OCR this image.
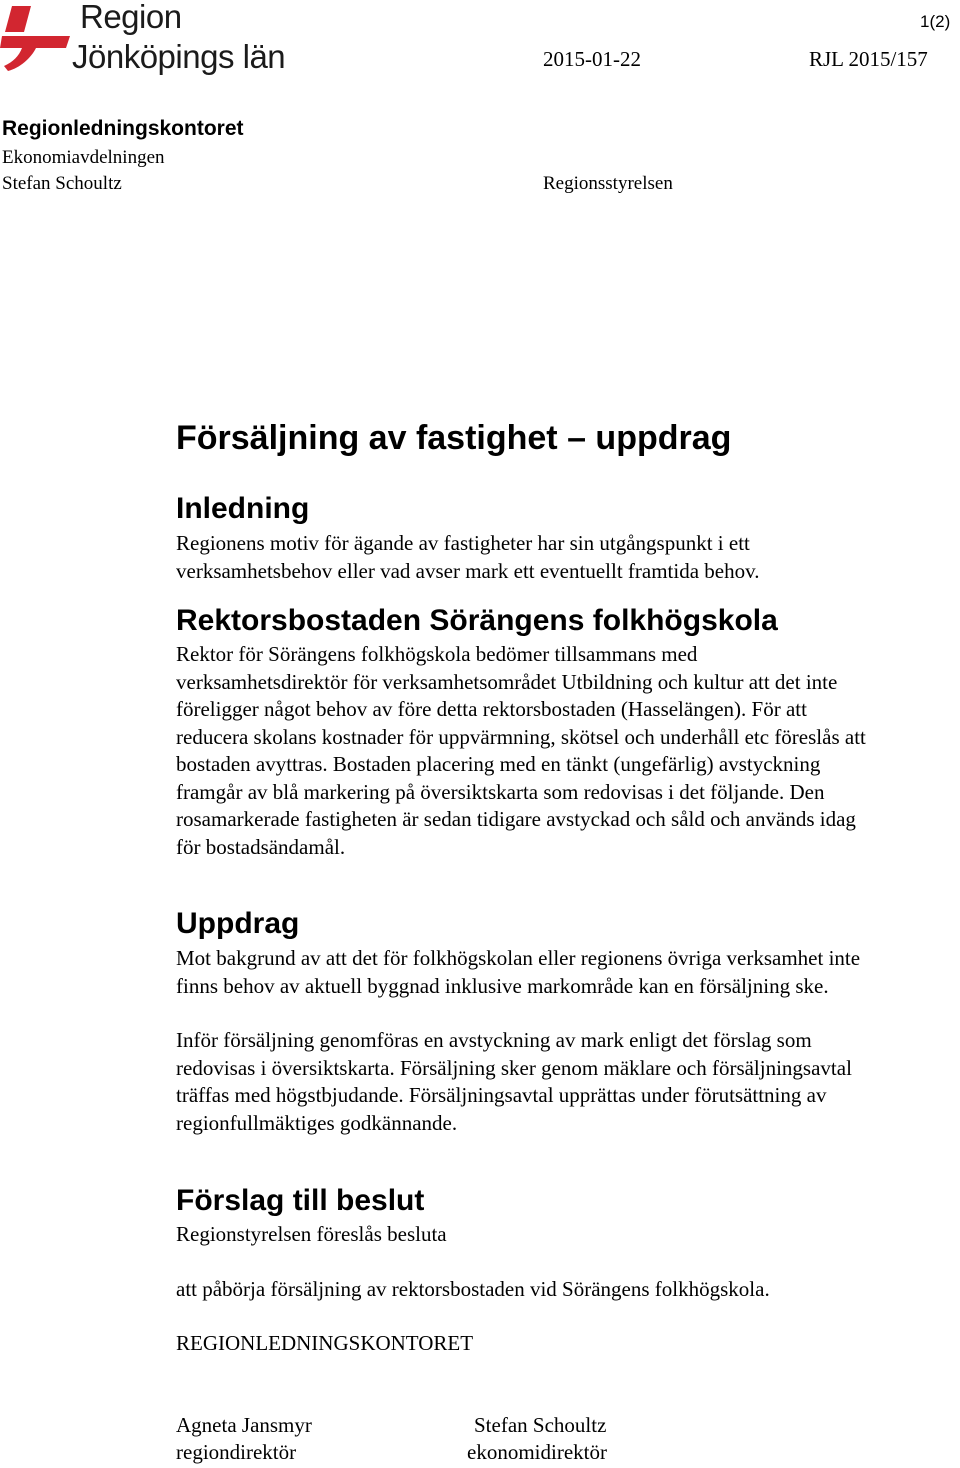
Region
Jönköpings län
1(2)
2015-01-22	RJL 2015/157
Regionledningskontoret
Ekonomiavdelningen
Stefan Schoultz	Regionsstyrelsen
Försäljning av fastighet – uppdrag
Inledning

Regionens motiv för ägande av fastigheter har sin utgångspunkt i ett
verksamhetsbehov eller vad avser mark ett eventuellt framtida behov.

Rektorsbostaden Sörängens folkhögskola

Rektor för Sörängens folkhögskola bedömer tillsammans med
verksamhetsdirektör för verksamhetsområdet Utbildning och kultur att det inte
föreligger något behov av före detta rektorsbostaden (Hasselängen). För att
reducera skolans kostnader för uppvärmning, skötsel och underhåll etc föreslås att
bostaden avyttras. Bostaden placering med en tänkt (ungefärlig) avstyckning
framgår av blå markering på översiktskarta som redovisas i det följande. Den
rosamarkerade fastigheten är sedan tidigare avstyckad och såld och används idag
för bostadsändamål.

Uppdrag

Mot bakgrund av att det för folkhögskolan eller regionens övriga verksamhet inte
finns behov av aktuell byggnad inklusive markområde kan en försäljning ske.

Inför försäljning genomföras en avstyckning av mark enligt det förslag som
redovisas i översiktskarta. Försäljning sker genom mäklare och försäljningsavtal
träffas med högstbjudande. Försäljningsavtal upprättas under förutsättning av
regionfullmäktiges godkännande.

Förslag till beslut

Regionstyrelsen föreslås besluta

att påbörja försäljning av rektorsbostaden vid Sörängens folkhögskola.

REGIONLEDNINGSKONTORET
Agneta Jansmyr
regiondirektör
Stefan Schoultz
ekonomidirektör
